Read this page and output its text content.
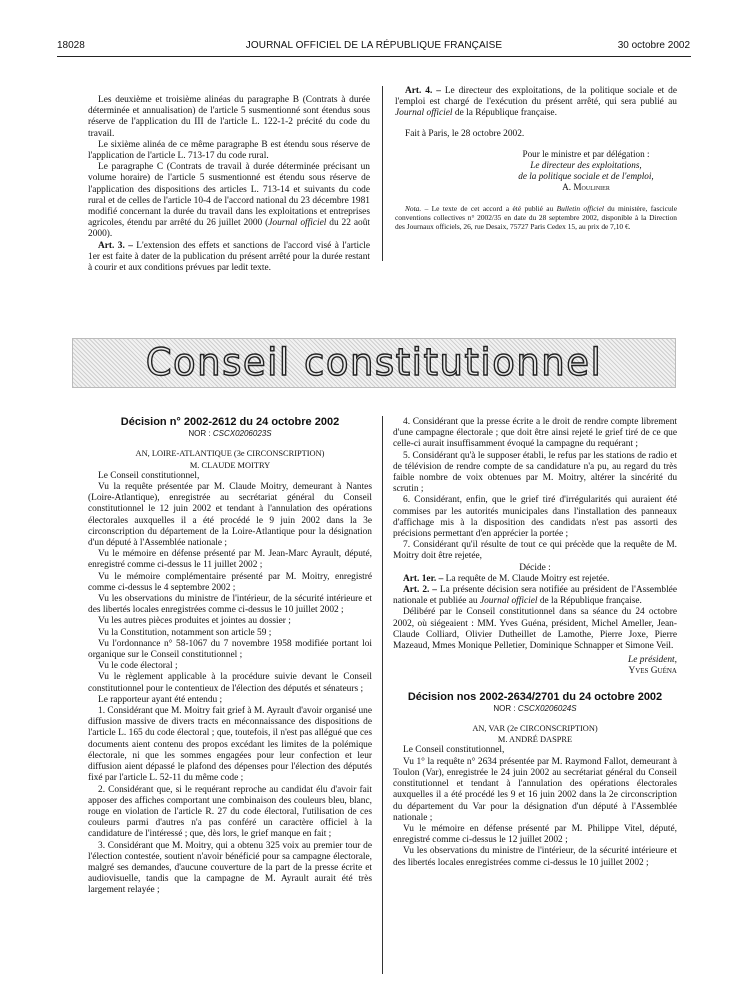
18028	JOURNAL OFFICIEL DE LA RÉPUBLIQUE FRANÇAISE	30 octobre 2002

Les deuxième et troisième alinéas du paragraphe B (Contrats à durée déterminée et annualisation) de l'article 5 susmentionné sont étendus sous réserve de l'application du III de l'article L. 122-1-2 précité du code du travail.

Le sixième alinéa de ce même paragraphe B est étendu sous réserve de l'application de l'article L. 713-17 du code rural.

Le paragraphe C (Contrats de travail à durée déterminée précisant un volume horaire) de l'article 5 susmentionné est étendu sous réserve de l'application des dispositions des articles L. 713-14 et suivants du code rural et de celles de l'article 10-4 de l'accord national du 23 décembre 1981 modifié concernant la durée du travail dans les exploitations et entreprises agricoles, étendu par arrêté du 26 juillet 2000 (Journal officiel du 22 août 2000).

Art. 3. – L'extension des effets et sanctions de l'accord visé à l'article 1er est faite à dater de la publication du présent arrêté pour la durée restant à courir et aux conditions prévues par ledit texte.

Art. 4. – Le directeur des exploitations, de la politique sociale et de l'emploi est chargé de l'exécution du présent arrêté, qui sera publié au Journal officiel de la République française.

Fait à Paris, le 28 octobre 2002.

Pour le ministre et par délégation :
Le directeur des exploitations,
de la politique sociale et de l'emploi,
A. Moulinier

Nota. – Le texte de cet accord a été publié au Bulletin officiel du ministère, fascicule conventions collectives n° 2002/35 en date du 28 septembre 2002, disponible à la Direction des Journaux officiels, 26, rue Desaix, 75727 Paris Cedex 15, au prix de 7,10 €.

Conseil constitutionnel

Décision n° 2002-2612 du 24 octobre 2002

NOR : CSCX0206023S

AN, LOIRE-ATLANTIQUE (3e CIRCONSCRIPTION)

M. CLAUDE MOITRY

Le Conseil constitutionnel,

Vu la requête présentée par M. Claude Moitry, demeurant à Nantes (Loire-Atlantique), enregistrée au secrétariat général du Conseil constitutionnel le 12 juin 2002 et tendant à l'annulation des opérations électorales auxquelles il a été procédé le 9 juin 2002 dans la 3e circonscription du département de la Loire-Atlantique pour la désignation d'un député à l'Assemblée nationale ;

Vu le mémoire en défense présenté par M. Jean-Marc Ayrault, député, enregistré comme ci-dessus le 11 juillet 2002 ;

Vu le mémoire complémentaire présenté par M. Moitry, enregistré comme ci-dessus le 4 septembre 2002 ;

Vu les observations du ministre de l'intérieur, de la sécurité intérieure et des libertés locales enregistrées comme ci-dessus le 10 juillet 2002 ;

Vu les autres pièces produites et jointes au dossier ;

Vu la Constitution, notamment son article 59 ;

Vu l'ordonnance n° 58-1067 du 7 novembre 1958 modifiée portant loi organique sur le Conseil constitutionnel ;

Vu le code électoral ;

Vu le règlement applicable à la procédure suivie devant le Conseil constitutionnel pour le contentieux de l'élection des députés et sénateurs ;

Le rapporteur ayant été entendu ;

1. Considérant que M. Moitry fait grief à M. Ayrault d'avoir organisé une diffusion massive de divers tracts en méconnaissance des dispositions de l'article L. 165 du code électoral ; que, toutefois, il n'est pas allégué que ces documents aient contenu des propos excédant les limites de la polémique électorale, ni que les sommes engagées pour leur confection et leur diffusion aient dépassé le plafond des dépenses pour l'élection des députés fixé par l'article L. 52-11 du même code ;

2. Considérant que, si le requérant reproche au candidat élu d'avoir fait apposer des affiches comportant une combinaison des couleurs bleu, blanc, rouge en violation de l'article R. 27 du code électoral, l'utilisation de ces couleurs parmi d'autres n'a pas conféré un caractère officiel à la candidature de l'intéressé ; que, dès lors, le grief manque en fait ;

3. Considérant que M. Moitry, qui a obtenu 325 voix au premier tour de l'élection contestée, soutient n'avoir bénéficié pour sa campagne électorale, malgré ses demandes, d'aucune couverture de la part de la presse écrite et audiovisuelle, tandis que la campagne de M. Ayrault aurait été très largement relayée ;

4. Considérant que la presse écrite a le droit de rendre compte librement d'une campagne électorale ; que doit être ainsi rejeté le grief tiré de ce que celle-ci aurait insuffisamment évoqué la campagne du requérant ;

5. Considérant qu'à le supposer établi, le refus par les stations de radio et de télévision de rendre compte de sa candidature n'a pu, au regard du très faible nombre de voix obtenues par M. Moitry, altérer la sincérité du scrutin ;

6. Considérant, enfin, que le grief tiré d'irrégularités qui auraient été commises par les autorités municipales dans l'installation des panneaux d'affichage mis à la disposition des candidats n'est pas assorti des précisions permettant d'en apprécier la portée ;

7. Considérant qu'il résulte de tout ce qui précède que la requête de M. Moitry doit être rejetée,

Décide :

Art. 1er. – La requête de M. Claude Moitry est rejetée.

Art. 2. – La présente décision sera notifiée au président de l'Assemblée nationale et publiée au Journal officiel de la République française.

Délibéré par le Conseil constitutionnel dans sa séance du 24 octobre 2002, où siégeaient : MM. Yves Guéna, président, Michel Ameller, Jean-Claude Colliard, Olivier Dutheillet de Lamothe, Pierre Joxe, Pierre Mazeaud, Mmes Monique Pelletier, Dominique Schnapper et Simone Veil.

Le président,

Yves Guéna

Décision nos 2002-2634/2701 du 24 octobre 2002

NOR : CSCX0206024S

AN, VAR (2e CIRCONSCRIPTION)

M. ANDRÉ DASPRE

Le Conseil constitutionnel,

Vu 1° la requête n° 2634 présentée par M. Raymond Fallot, demeurant à Toulon (Var), enregistrée le 24 juin 2002 au secrétariat général du Conseil constitutionnel et tendant à l'annulation des opérations électorales auxquelles il a été procédé les 9 et 16 juin 2002 dans la 2e circonscription du département du Var pour la désignation d'un député à l'Assemblée nationale ;

Vu le mémoire en défense présenté par M. Philippe Vitel, député, enregistré comme ci-dessus le 12 juillet 2002 ;

Vu les observations du ministre de l'intérieur, de la sécurité intérieure et des libertés locales enregistrées comme ci-dessus le 10 juillet 2002 ;
